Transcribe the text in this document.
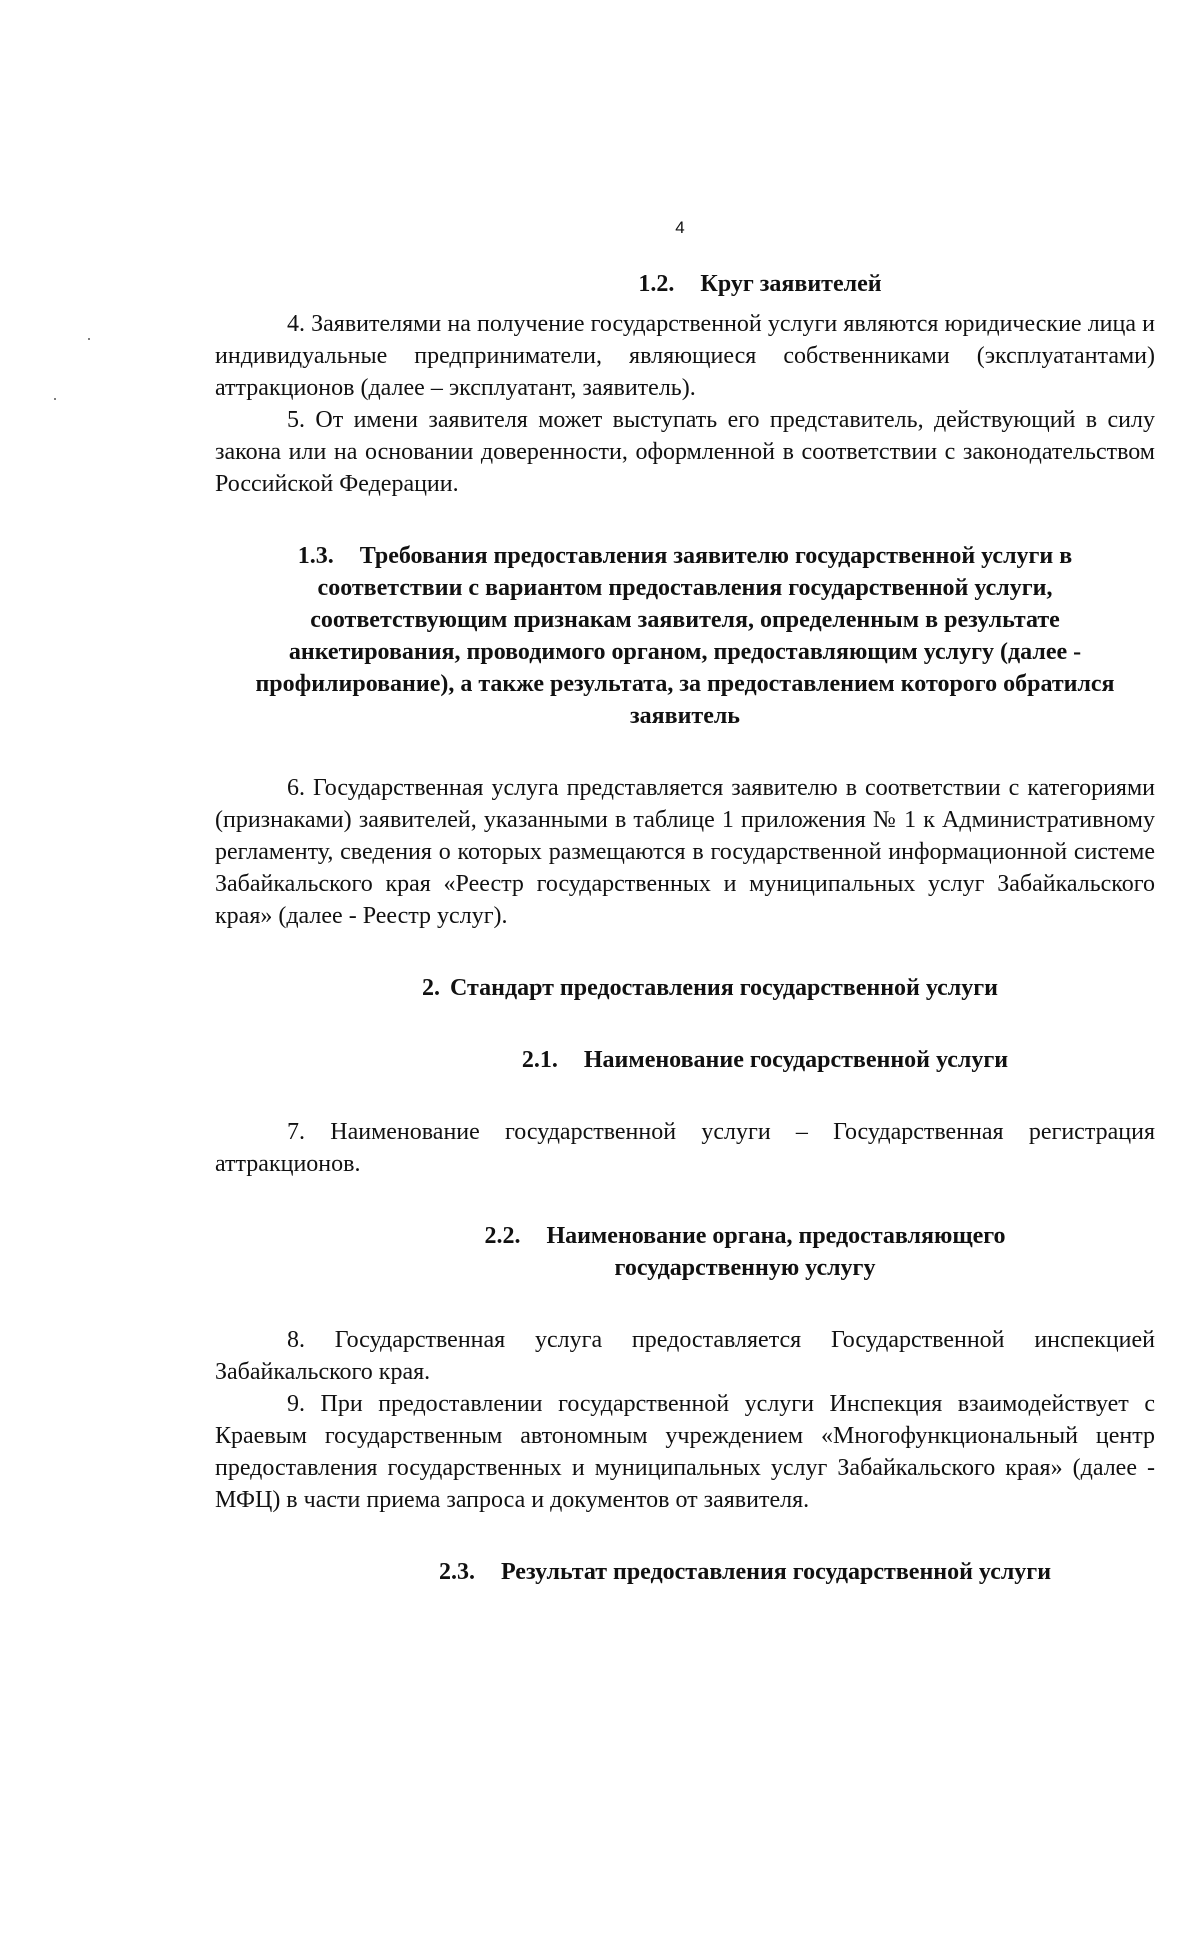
4
1.2. Круг заявителей

4. Заявителями на получение государственной услуги являются юридические лица и индивидуальные предприниматели, являющиеся собственниками (эксплуатантами) аттракционов (далее – эксплуатант, заявитель).

5. От имени заявителя может выступать его представитель, действующий в силу закона или на основании доверенности, оформленной в соответствии с законодательством Российской Федерации.

1.3. Требования предоставления заявителю государственной услуги в соответствии с вариантом предоставления государственной услуги, соответствующим признакам заявителя, определенным в результате анкетирования, проводимого органом, предоставляющим услугу (далее - профилирование), а также результата, за предоставлением которого обратился заявитель

6. Государственная услуга представляется заявителю в соответствии с категориями (признаками) заявителей, указанными в таблице 1 приложения № 1 к Административному регламенту, сведения о которых размещаются в государственной информационной системе Забайкальского края «Реестр государственных и муниципальных услуг Забайкальского края» (далее - Реестр услуг).

2. Стандарт предоставления государственной услуги
2.1. Наименование государственной услуги

7. Наименование государственной услуги – Государственная регистрация аттракционов.

2.2. Наименование органа, предоставляющего
государственную услугу

8. Государственная услуга предоставляется Государственной инспекцией Забайкальского края.

9. При предоставлении государственной услуги Инспекция взаимодействует с Краевым государственным автономным учреждением «Многофункциональный центр предоставления государственных и муниципальных услуг Забайкальского края» (далее - МФЦ) в части приема запроса и документов от заявителя.

2.3. Результат предоставления государственной услуги
